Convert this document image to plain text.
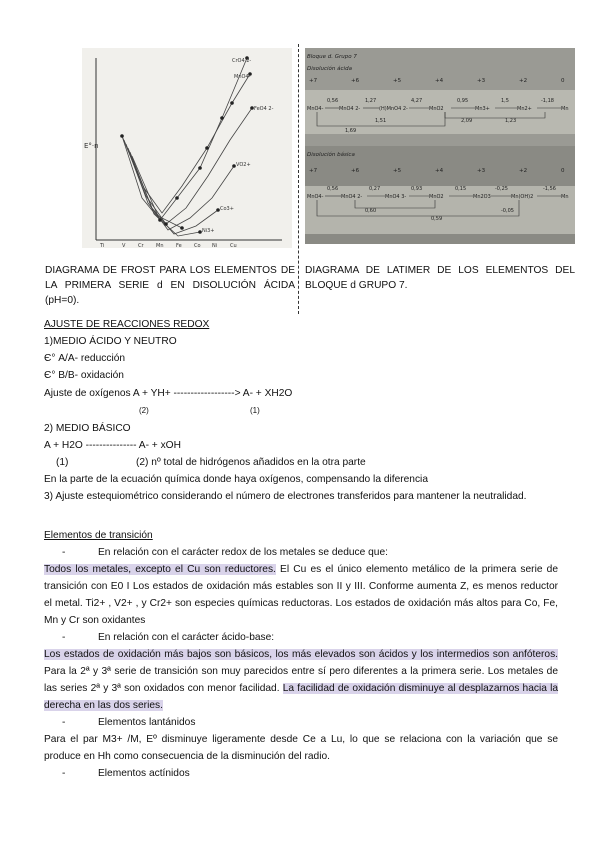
E°·n
CrO4 2-
MnO4-
FeO4 2-
VO2+
Co3+
Ni3+
Ti	V	Cr Mn	Fe Co Ni	Cu
Bloque d. Grupo 7
Disolución ácida
+7	+6	+5	+4	+3	+2	0
MnO4-	MnO4 2-	(H)MnO4 2-	MnO2	Mn3+	Mn2+	Mn
0,56	1,27	4,27	0,95	1,5	-1,18
1,51	2,09	1,23
1,69
Disolución básica
+7	+6	+5	+4	+3	+2	0
MnO4-	MnO4 2-	MnO4 3-	MnO2	Mn2O3	Mn(OH)2	Mn
0,56	0,27	0,93	0,15	-0,25	-1,56
0,60
0,59
-0,05
DIAGRAMA DE FROST PARA LOS ELEMENTOS DE LA PRIMERA SERIE d EN DISOLUCIÓN ÁCIDA (pH=0).
DIAGRAMA DE LATIMER DE LOS ELEMENTOS DEL BLOQUE d GRUPO 7.
AJUSTE DE REACCIONES REDOX
1)MEDIO ÁCIDO Y NEUTRO
Є° A/A- reducción
Є° B/B- oxidación
Ajuste de oxígenos A + YH+ ------------------> A- + XH2O
(2)	(1)
2) MEDIO BÁSICO
A + H2O --------------- A- + xOH
(1)	(2) nº total de hidrógenos añadidos en la otra parte
En la parte de la ecuación química donde haya oxígenos, compensando la diferencia
3) Ajuste estequiométrico considerando el número de electrones transferidos para mantener la neutralidad.
Elementos de transición
-	En relación con el carácter redox de los metales se deduce que:
Todos los metales, excepto el Cu son reductores. El Cu es el único elemento metálico de la primera serie de transición con E0 I Los estados de oxidación más estables son II y III. Conforme aumenta Z, es menos reductor el metal. Ti2+ , V2+ , y Cr2+ son especies químicas reductoras. Los estados de oxidación más altos para Co, Fe, Mn y Cr son oxidantes
-	En relación con el carácter ácido-base:
Los estados de oxidación más bajos son básicos, los más elevados son ácidos y los intermedios son anfóteros. Para la 2ª y 3ª serie de transición son muy parecidos entre sí pero diferentes a la primera serie. Los metales de las series 2ª y 3ª son oxidados con menor facilidad. La facilidad de oxidación disminuye al desplazarnos hacia la derecha en las dos series.
-	Elementos lantánidos
Para el par M3+ /M, Eº disminuye ligeramente desde Ce a Lu, lo que se relaciona con la variación que se produce en Hh como consecuencia de la disminución del radio.
-	Elementos actínidos
